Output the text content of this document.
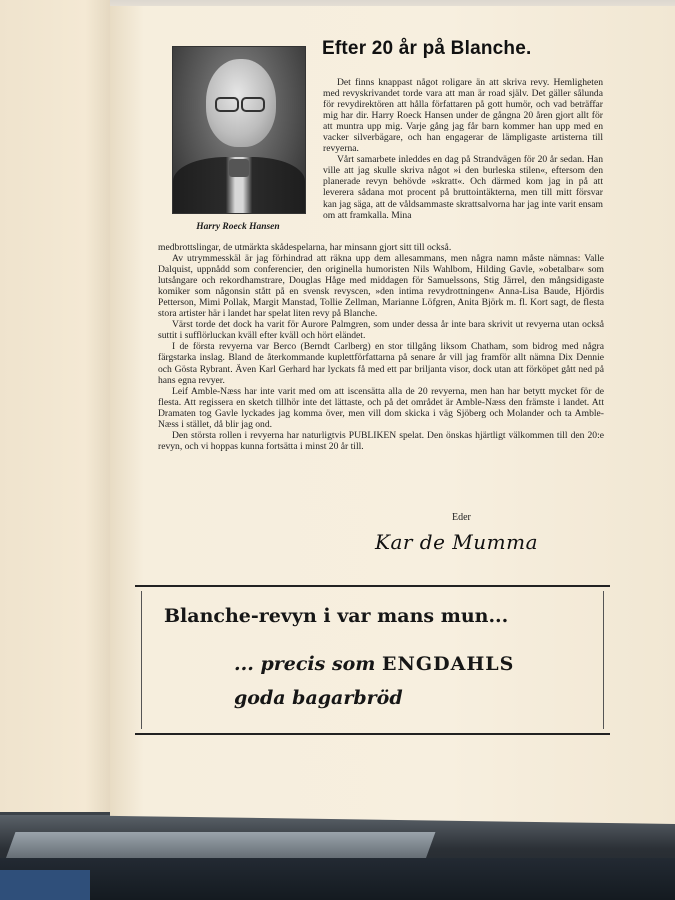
Harry Roeck Hansen
Efter 20 år på Blanche.

Det finns knappast något roligare än att skriva revy. Hemligheten med revyskrivandet torde vara att man är road själv. Det gäller sålunda för revydirektören att hålla författaren på gott humör, och vad beträffar mig har dir. Harry Roeck Hansen under de gångna 20 åren gjort allt för att muntra upp mig. Varje gång jag får barn kommer han upp med en vacker silverbägare, och han engagerar de lämpligaste artisterna till revyerna.

Vårt samarbete inleddes en dag på Strandvägen för 20 år sedan. Han ville att jag skulle skriva något »i den burleska stilen«, eftersom den planerade revyn behövde »skratt«. Och därmed kom jag in på att leverera sådana mot procent på bruttointäkterna, men till mitt försvar kan jag säga, att de våldsammaste skrattsalvorna har jag inte varit ensam om att framkalla. Mina

medbrottslingar, de utmärkta skådespelarna, har minsann gjort sitt till också.

Av utrymmesskäl är jag förhindrad att räkna upp dem allesammans, men några namn måste nämnas: Valle Dalquist, uppnådd som conferencier, den originella humoristen Nils Wahlbom, Hilding Gavle, »obetalbar« som lutsångare och rekordhamstrare, Douglas Håge med middagen för Samuelssons, Stig Järrel, den mångsidigaste komiker som någonsin stått på en svensk revyscen, »den intima revydrottningen« Anna-Lisa Baude, Hjördis Petterson, Mimi Pollak, Margit Manstad, Tollie Zellman, Marianne Löfgren, Anita Björk m. fl. Kort sagt, de flesta stora artister här i landet har spelat liten revy på Blanche.

Värst torde det dock ha varit för Aurore Palmgren, som under dessa år inte bara skrivit ut revyerna utan också suttit i sufflörluckan kväll efter kväll och hört eländet.

I de första revyerna var Berco (Berndt Carlberg) en stor tillgång liksom Chatham, som bidrog med några färgstarka inslag. Bland de återkommande kuplettförfattarna på senare år vill jag framför allt nämna Dix Dennie och Gösta Rybrant. Även Karl Gerhard har lyckats få med ett par briljanta visor, dock utan att förköpet gått ned på hans egna revyer.

Leif Amble-Næss har inte varit med om att iscensätta alla de 20 revyerna, men han har betytt mycket för de flesta. Att regissera en sketch tillhör inte det lättaste, och på det området är Amble-Næss den främste i landet. Att Dramaten tog Gavle lyckades jag komma över, men vill dom skicka i väg Sjöberg och Molander och ta Amble-Næss i stället, då blir jag ond.

Den största rollen i revyerna har naturligtvis PUBLIKEN spelat. Den önskas hjärtligt välkommen till den 20:e revyn, och vi hoppas kunna fortsätta i minst 20 år till.

Eder
Kar de Mumma
Blanche-revyn i var mans mun...
... precis som ENGDAHLS
goda bagarbröd
